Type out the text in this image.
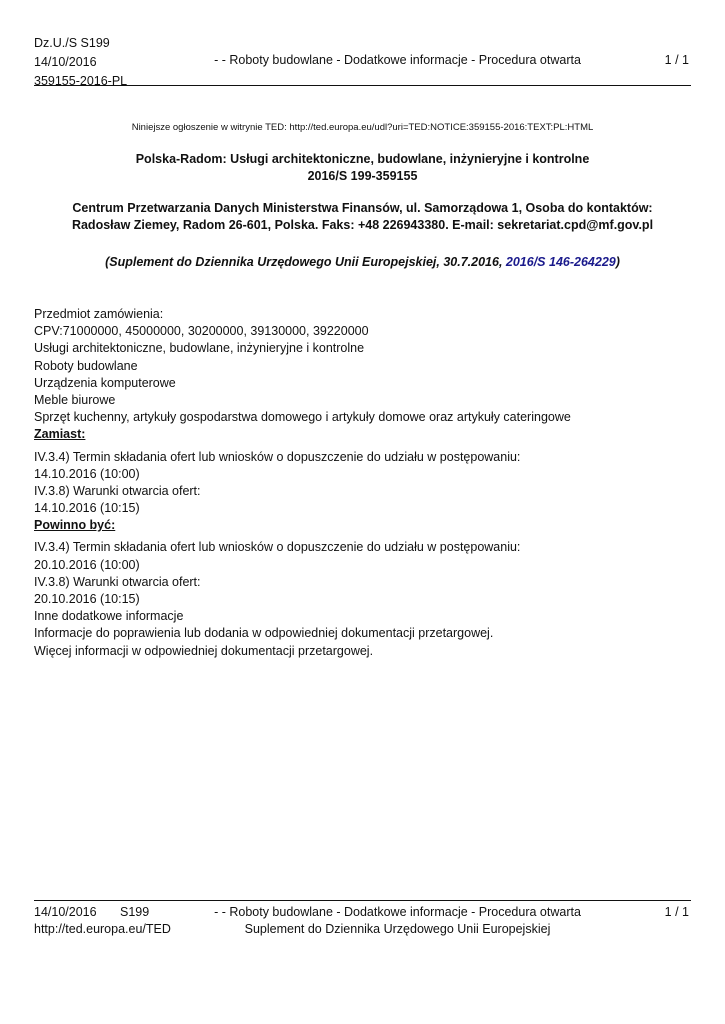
Dz.U./S S199
14/10/2016
359155-2016-PL
- - Roboty budowlane - Dodatkowe informacje - Procedura otwarta	1 / 1
Niniejsze ogłoszenie w witrynie TED: http://ted.europa.eu/udl?uri=TED:NOTICE:359155-2016:TEXT:PL:HTML
Polska-Radom: Usługi architektoniczne, budowlane, inżynieryjne i kontrolne
2016/S 199-359155
Centrum Przetwarzania Danych Ministerstwa Finansów, ul. Samorządowa 1, Osoba do kontaktów:
Radosław Ziemey, Radom 26-601, Polska. Faks: +48 226943380. E-mail: sekretariat.cpd@mf.gov.pl
(Suplement do Dziennika Urzędowego Unii Europejskiej, 30.7.2016, 2016/S 146-264229)
Przedmiot zamówienia:
CPV:71000000, 45000000, 30200000, 39130000, 39220000
Usługi architektoniczne, budowlane, inżynieryjne i kontrolne
Roboty budowlane
Urządzenia komputerowe
Meble biurowe
Sprzęt kuchenny, artykuły gospodarstwa domowego i artykuły domowe oraz artykuły cateringowe
Zamiast:
IV.3.4) Termin składania ofert lub wniosków o dopuszczenie do udziału w postępowaniu:
14.10.2016 (10:00)
IV.3.8) Warunki otwarcia ofert:
14.10.2016 (10:15)
Powinno być:
IV.3.4) Termin składania ofert lub wniosków o dopuszczenie do udziału w postępowaniu:
20.10.2016 (10:00)
IV.3.8) Warunki otwarcia ofert:
20.10.2016 (10:15)
Inne dodatkowe informacje
Informacje do poprawienia lub dodania w odpowiedniej dokumentacji przetargowej.
Więcej informacji w odpowiedniej dokumentacji przetargowej.
14/10/2016 S199
http://ted.europa.eu/TED
- - Roboty budowlane - Dodatkowe informacje - Procedura otwarta
Suplement do Dziennika Urzędowego Unii Europejskiej
1 / 1
